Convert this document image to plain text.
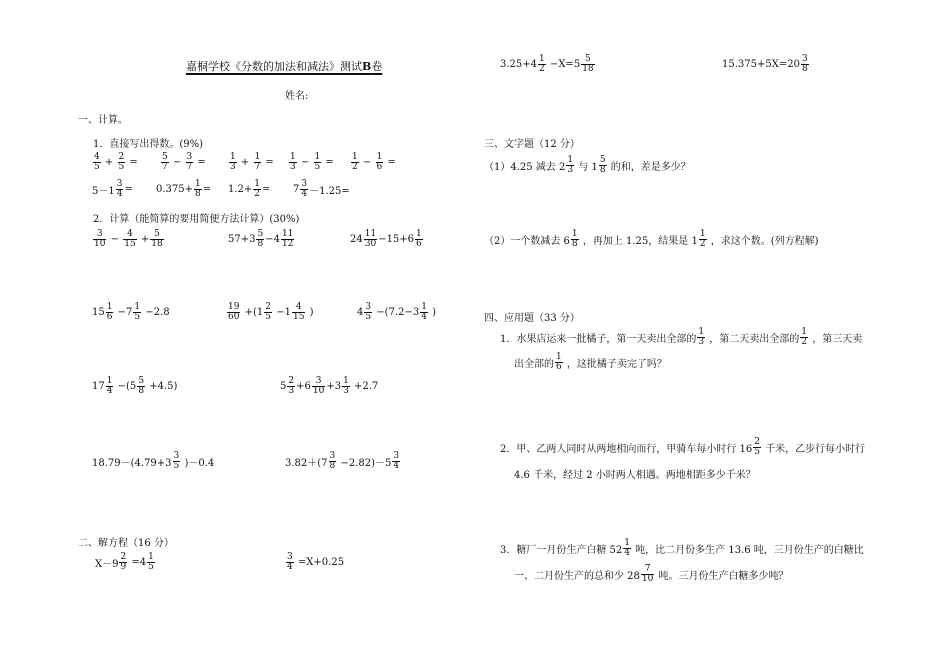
嘉桐学校《分数的加法和减法》测试B卷
姓名:
一、计算。
1．直接写出得数。(9%)
$\frac{4}{5} + \frac{2}{5}$ =	$\frac{5}{7} - \frac{3}{7}$ =	$\frac{1}{3} + \frac{1}{7} = \frac{1}{3} - \frac{1}{5} = \frac{1}{2} - \frac{1}{6}$ =
$5-1 \frac{3}{4} = 0.375+ \frac{1}{8} = 1.2+ \frac{1}{2} = 7 \frac{3}{4} -1.25=$
2．计算（能简算的要用简便方法计算）(30%)
$\frac{3}{10} - \frac{4}{15} + \frac{5}{18}$	$57+3 \frac{5}{8} -4 \frac{11}{12}$	$24 \frac{11}{30} -15+6 \frac{1}{6}$
$15 \frac{1}{6} -7 \frac{1}{5} -2.8$	$\frac{19}{60} +(1 \frac{2}{5} -1 \frac{4}{15}$ )	$4 \frac{3}{5} -(7.2-3 \frac{1}{4}$ )
$17 \frac{1}{4} -(5 \frac{5}{8} +4.5)$	$5 \frac{2}{3} +6 \frac{3}{10} +3 \frac{1}{3} +2.7$
$18.79-(4.79+3 \frac{3}{5} )-0.4$	$3.82+(7 \frac{3}{8} -2.82)-5 \frac{3}{4}$
二、解方程（16 分）
$X-9 \frac{2}{9} =4 \frac{1}{5}$	$\frac{3}{4} =X+0.25$
$3.25+4 \frac{1}{2} -X=5 \frac{5}{18}$	$15.375+5X=20 \frac{3}{8}$
三、文字题（12 分）
（1）4.25 减去 $2 \frac{1}{3}$ 与 $1 \frac{5}{8}$ 的和，差是多少？
（2）一个数减去 $6 \frac{1}{8}$ ，再加上 1.25，结果是 $1 \frac{1}{2}$ ，求这个数。(列方程解)
四、应用题（33 分）
1．水果店运来一批橘子，第一天卖出全部的 $\frac{1}{3}$ ，第二天卖出全部的 $\frac{1}{2}$ ，第三天卖
出全部的 $\frac{1}{6}$ ，这批橘子卖完了吗？
2．甲、乙两人同时从两地相向而行，甲骑车每小时行 $16 \frac{2}{5}$ 千米，乙步行每小时行
4.6 千米，经过 2 小时两人相遇。两地相距多少千米？
3．糖厂一月份生产白糖 $52 \frac{1}{4}$ 吨，比二月份多生产 13.6 吨，三月份生产的白糖比
一、二月份生产的总和少 $28 \frac{7}{10}$ 吨。三月份生产白糖多少吨？
